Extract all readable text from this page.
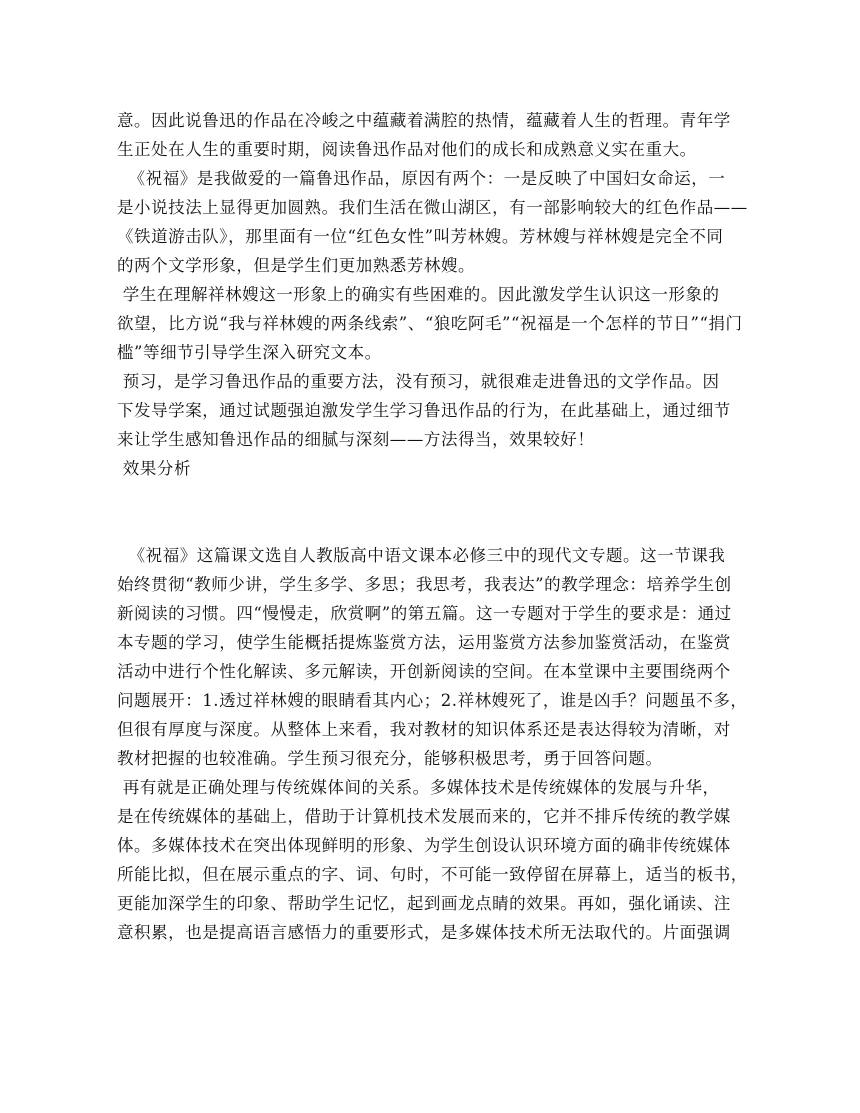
意。因此说鲁迅的作品在冷峻之中蕴藏着满腔的热情，蕴藏着人生的哲理。青年学
生正处在人生的重要时期，阅读鲁迅作品对他们的成长和成熟意义实在重大。
《祝福》是我做爱的一篇鲁迅作品，原因有两个：一是反映了中国妇女命运，一
是小说技法上显得更加圆熟。我们生活在微山湖区，有一部影响较大的红色作品——
《铁道游击队》，那里面有一位“红色女性”叫芳林嫂。芳林嫂与祥林嫂是完全不同
的两个文学形象，但是学生们更加熟悉芳林嫂。
学生在理解祥林嫂这一形象上的确实有些困难的。因此激发学生认识这一形象的
欲望，比方说“我与祥林嫂的两条线索”、“狼吃阿毛”“祝福是一个怎样的节日”“捐门
槛”等细节引导学生深入研究文本。
预习，是学习鲁迅作品的重要方法，没有预习，就很难走进鲁迅的文学作品。因
下发导学案，通过试题强迫激发学生学习鲁迅作品的行为，在此基础上，通过细节
来让学生感知鲁迅作品的细腻与深刻——方法得当，效果较好！
效果分析
《祝福》这篇课文选自人教版高中语文课本必修三中的现代文专题。这一节课我
始终贯彻“教师少讲，学生多学、多思；我思考，我表达”的教学理念：培养学生创
新阅读的习惯。四“慢慢走，欣赏啊”的第五篇。这一专题对于学生的要求是：通过
本专题的学习，使学生能概括提炼鉴赏方法，运用鉴赏方法参加鉴赏活动，在鉴赏
活动中进行个性化解读、多元解读，开创新阅读的空间。在本堂课中主要围绕两个
问题展开：1.透过祥林嫂的眼睛看其内心；2.祥林嫂死了，谁是凶手？问题虽不多，
但很有厚度与深度。从整体上来看，我对教材的知识体系还是表达得较为清晰，对
教材把握的也较准确。学生预习很充分，能够积极思考，勇于回答问题。
再有就是正确处理与传统媒体间的关系。多媒体技术是传统媒体的发展与升华，
是在传统媒体的基础上，借助于计算机技术发展而来的，它并不排斥传统的教学媒
体。多媒体技术在突出体现鲜明的形象、为学生创设认识环境方面的确非传统媒体
所能比拟，但在展示重点的字、词、句时，不可能一致停留在屏幕上，适当的板书，
更能加深学生的印象、帮助学生记忆，起到画龙点睛的效果。再如，强化诵读、注
意积累，也是提高语言感悟力的重要形式，是多媒体技术所无法取代的。片面强调
